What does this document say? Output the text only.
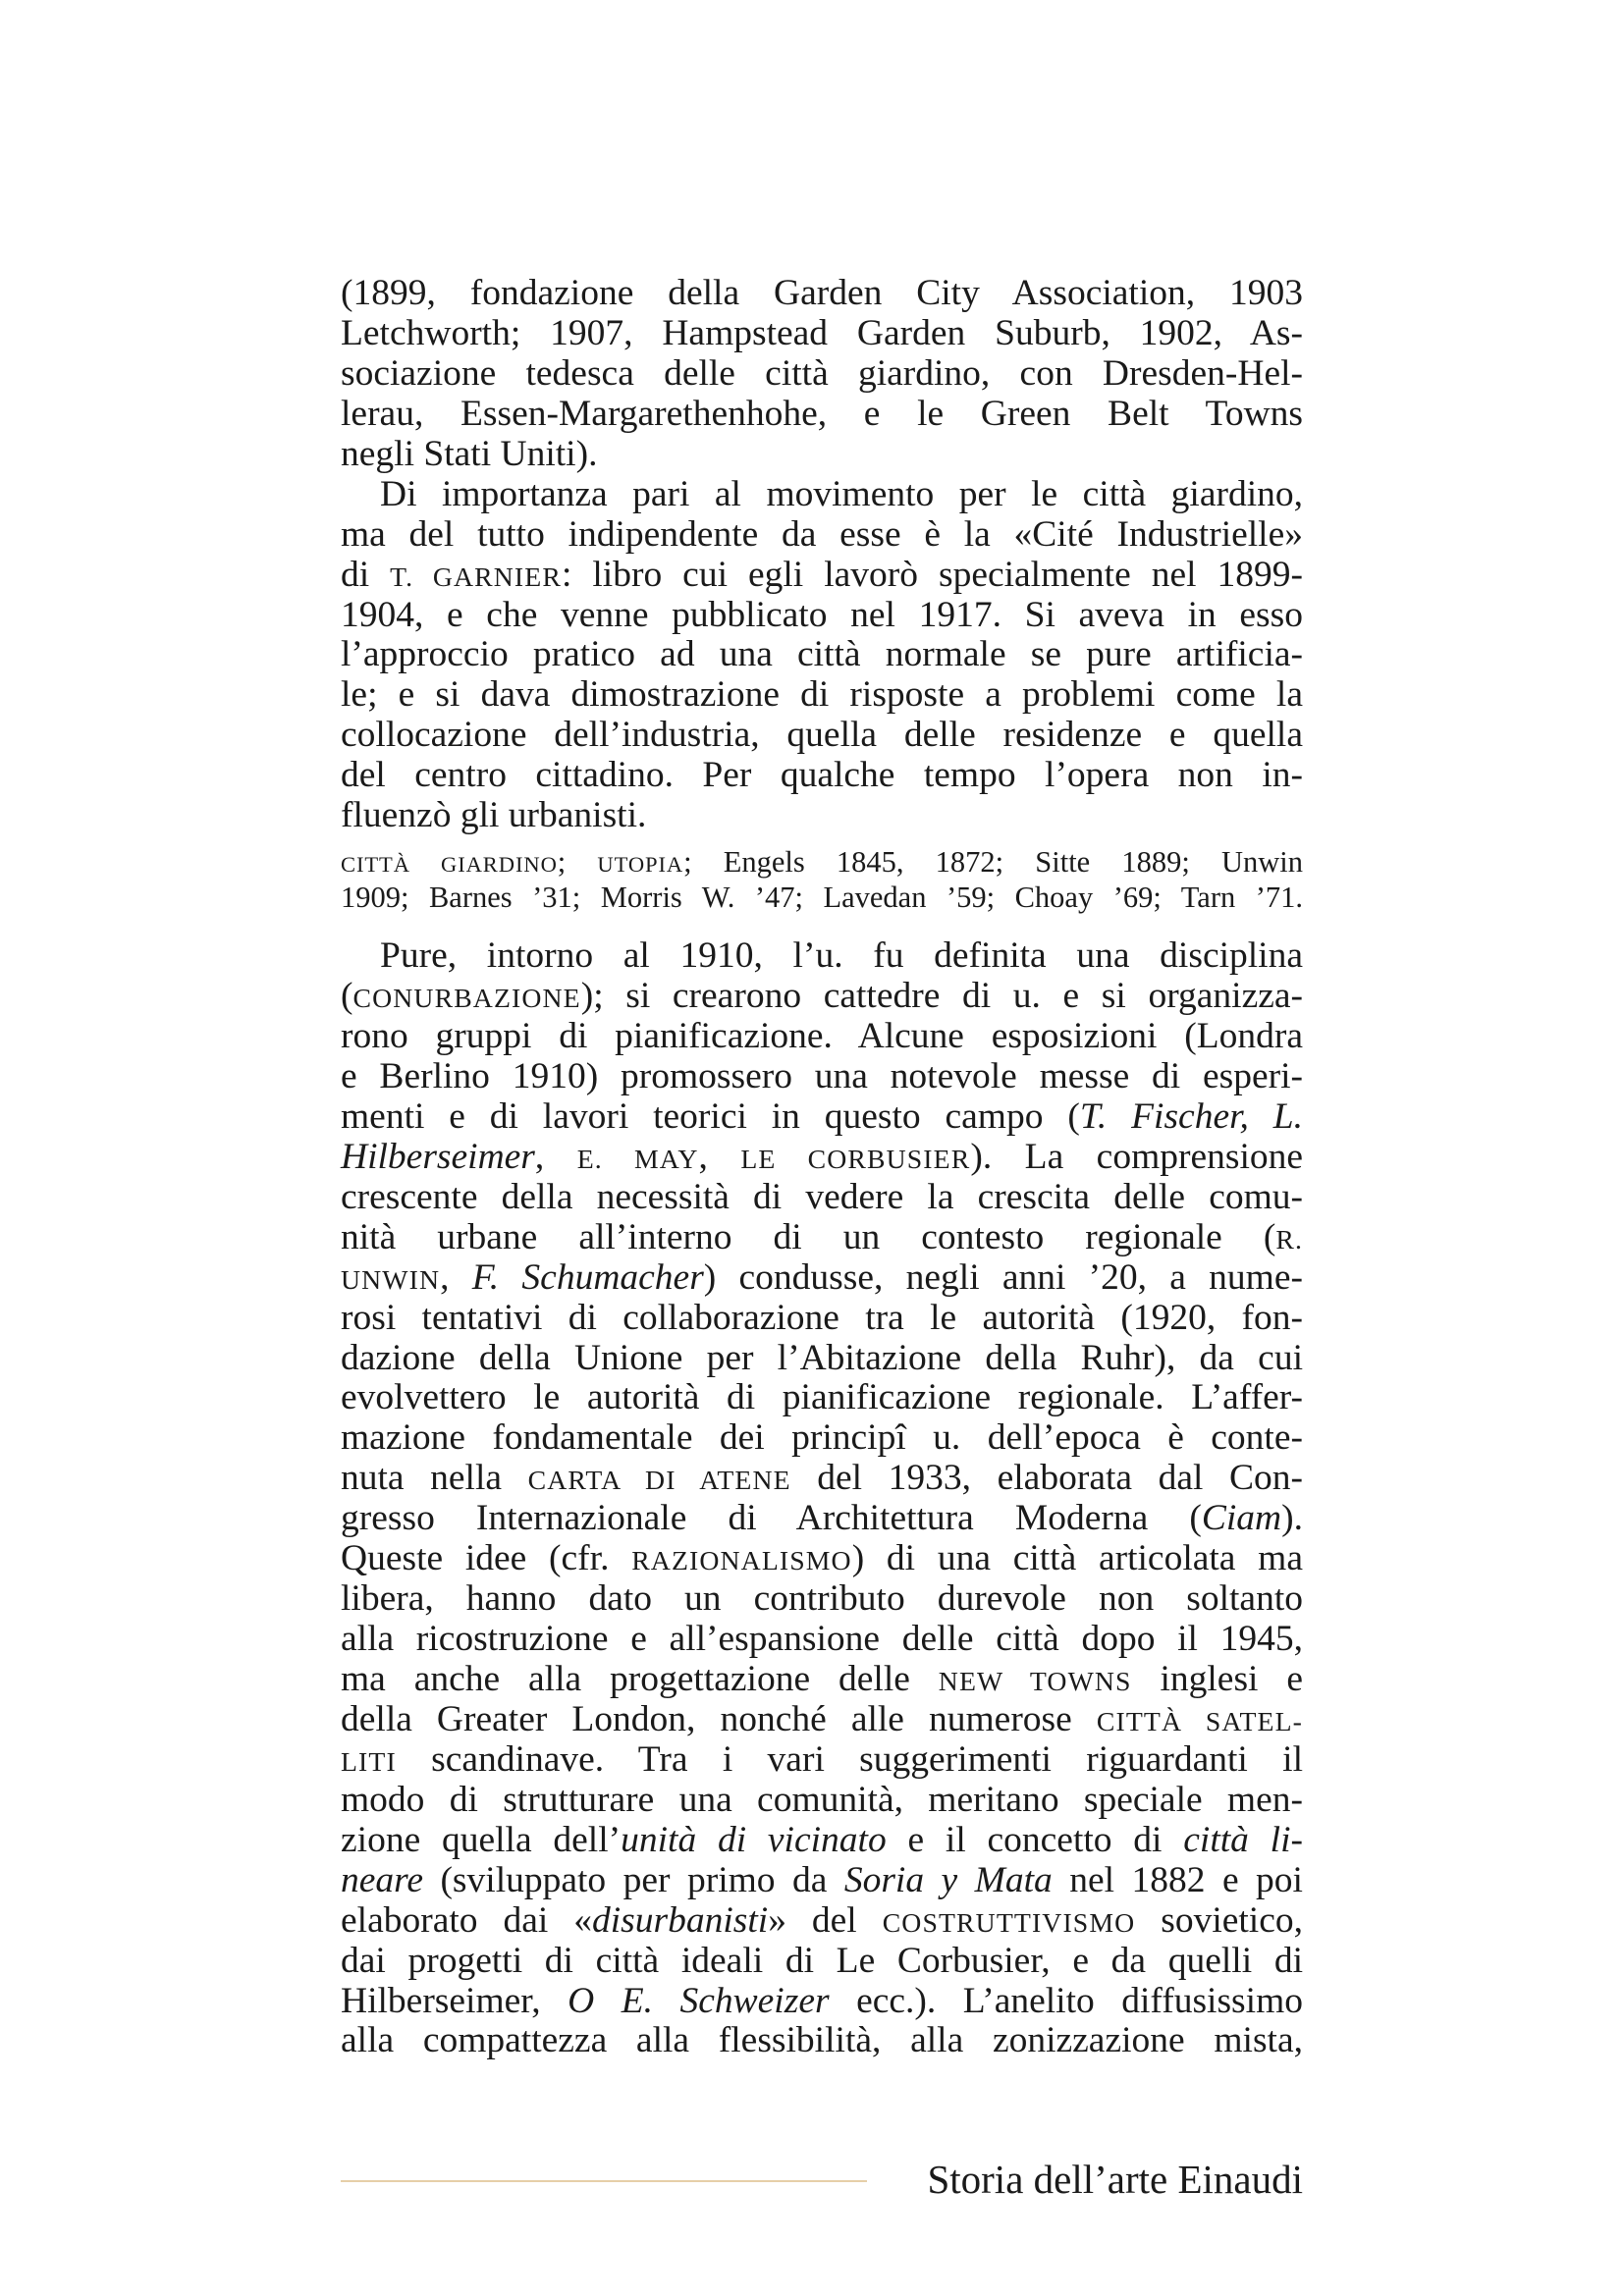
(1899, fondazione della Garden City Association, 1903
Letchworth; 1907, Hampstead Garden Suburb, 1902, As-
sociazione tedesca delle città giardino, con Dresden-Hel-
lerau, Essen-Margarethenhohe, e le Green Belt Towns
negli Stati Uniti).
Di importanza pari al movimento per le città giardino,
ma del tutto indipendente da esse è la «Cité Industrielle»
di T. GARNIER: libro cui egli lavorò specialmente nel 1899-
1904, e che venne pubblicato nel 1917. Si aveva in esso
l’approccio pratico ad una città normale se pure artificia-
le; e si dava dimostrazione di risposte a problemi come la
collocazione dell’industria, quella delle residenze e quella
del centro cittadino. Per qualche tempo l’opera non in-
fluenzò gli urbanisti.
CITTÀ GIARDINO; UTOPIA; Engels 1845, 1872; Sitte 1889; Unwin
1909; Barnes ’31; Morris W. ’47; Lavedan ’59; Choay ’69; Tarn ’71.
Pure, intorno al 1910, l’u. fu definita una disciplina
(CONURBAZIONE); si crearono cattedre di u. e si organizza-
rono gruppi di pianificazione. Alcune esposizioni (Londra
e Berlino 1910) promossero una notevole messe di esperi-
menti e di lavori teorici in questo campo (T. Fischer, L.
Hilberseimer, E. MAY, LE CORBUSIER). La comprensione
crescente della necessità di vedere la crescita delle comu-
nità urbane all’interno di un contesto regionale (R.
UNWIN, F. Schumacher) condusse, negli anni ’20, a nume-
rosi tentativi di collaborazione tra le autorità (1920, fon-
dazione della Unione per l’Abitazione della Ruhr), da cui
evolvettero le autorità di pianificazione regionale. L’affer-
mazione fondamentale dei principî u. dell’epoca è conte-
nuta nella CARTA DI ATENE del 1933, elaborata dal Con-
gresso Internazionale di Architettura Moderna (Ciam).
Queste idee (cfr. RAZIONALISMO) di una città articolata ma
libera, hanno dato un contributo durevole non soltanto
alla ricostruzione e all’espansione delle città dopo il 1945,
ma anche alla progettazione delle NEW TOWNS inglesi e
della Greater London, nonché alle numerose CITTÀ SATEL-
LITI scandinave. Tra i vari suggerimenti riguardanti il
modo di strutturare una comunità, meritano speciale men-
zione quella dell’unità di vicinato e il concetto di città li-
neare (sviluppato per primo da Soria y Mata nel 1882 e poi
elaborato dai «disurbanisti» del COSTRUTTIVISMO sovietico,
dai progetti di città ideali di Le Corbusier, e da quelli di
Hilberseimer, O E. Schweizer ecc.). L’anelito diffusissimo
alla compattezza alla flessibilità, alla zonizzazione mista,
Storia dell’arte Einaudi
